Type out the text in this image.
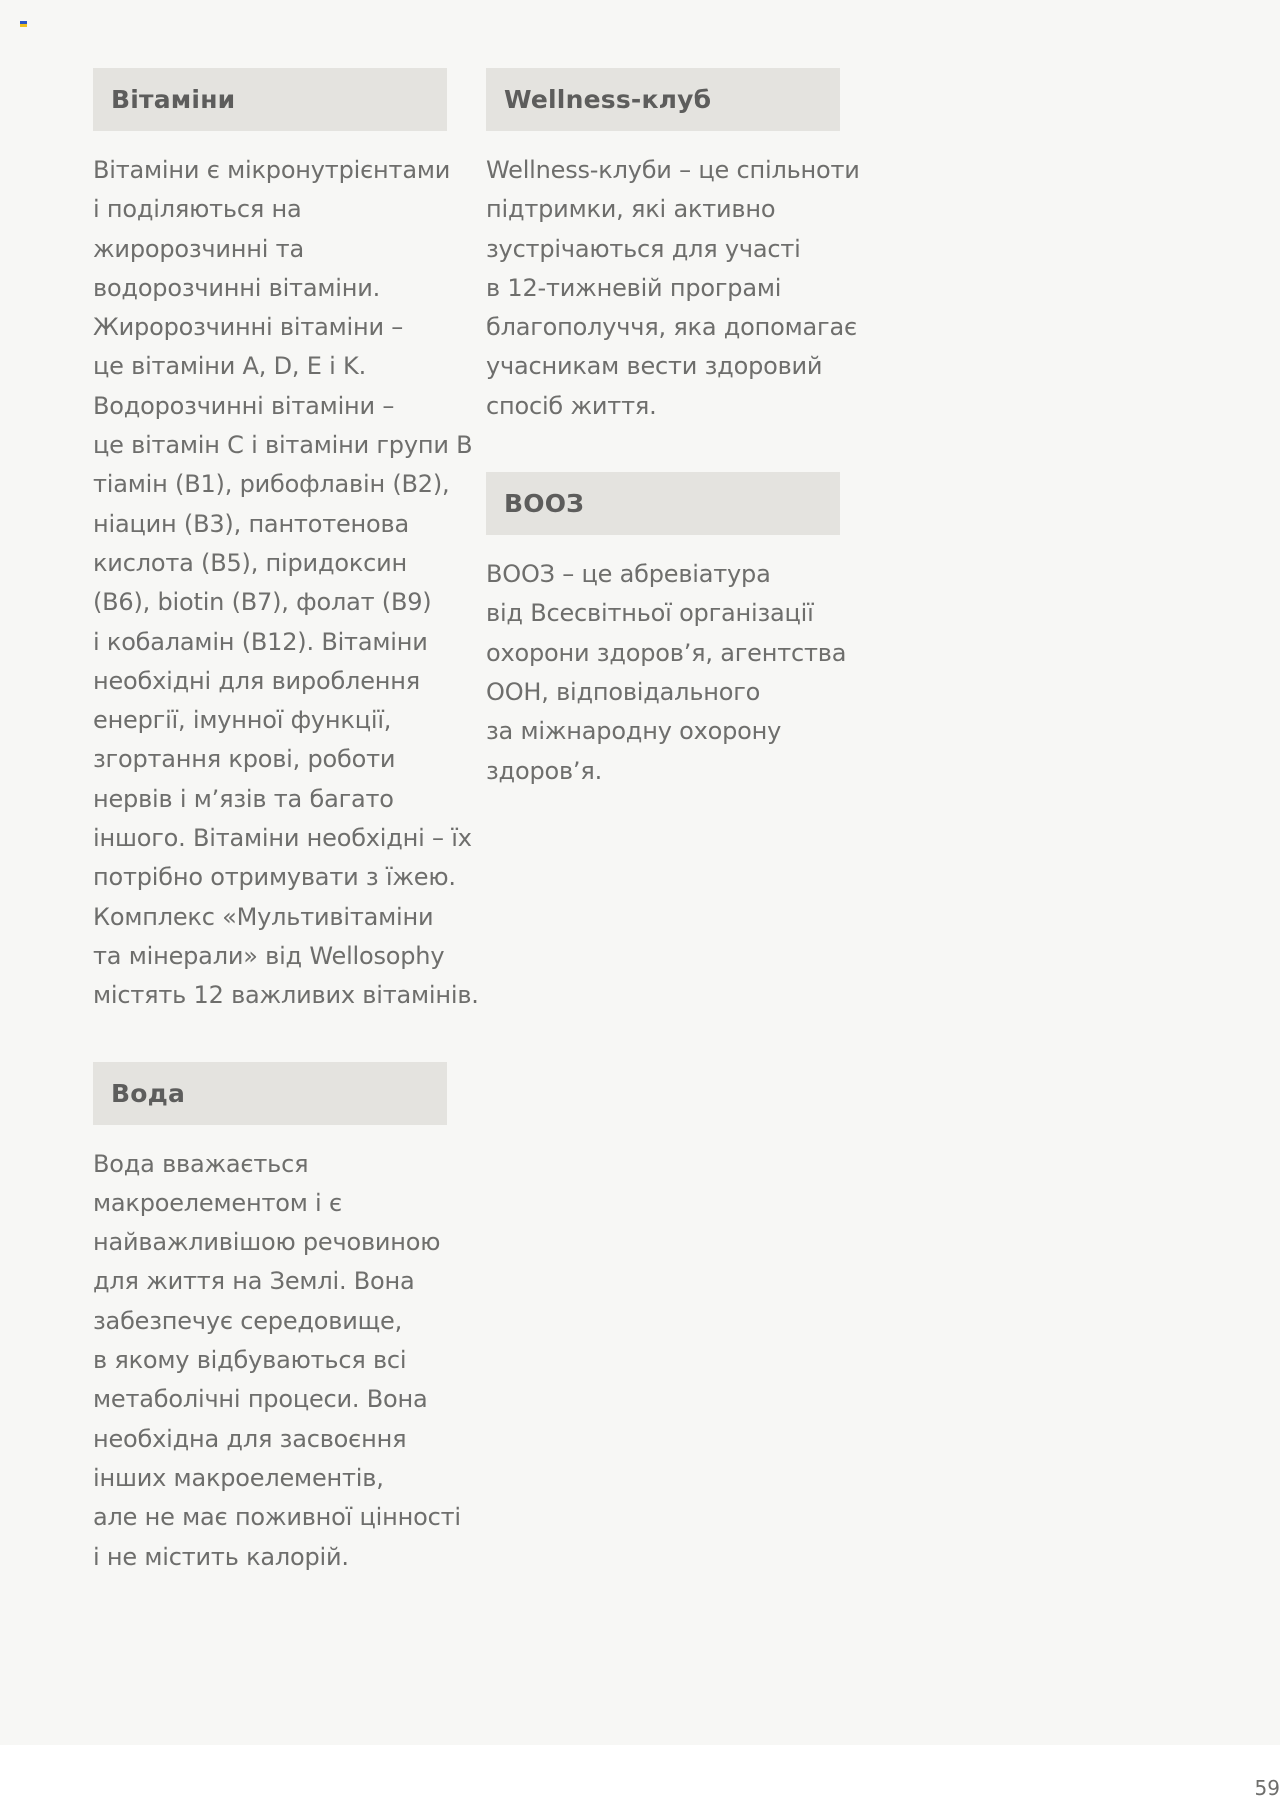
Вітаміни
Вітаміни є мікронутрієнтами
і поділяються на
жиророзчинні та
водорозчинні вітаміни.
Жиророзчинні вітаміни –
це вітаміни A, D, E і K.
Водорозчинні вітаміни –
це вітамін C і вітаміни групи B
тіамін (B1), рибофлавін (B2),
ніацин (B3), пантотенова
кислота (B5), піридоксин
(B6), biotin (B7), фолат (B9)
і кобаламін (B12). Вітаміни
необхідні для вироблення
енергії, імунної функції,
згортання крові, роботи
нервів і м’язів та багато
іншого. Вітаміни необхідні – їх
потрібно отримувати з їжею.
Комплекс «Мультивітаміни
та мінерали» від Wellosophy
містять 12 важливих вітамінів.
Вода
Вода вважається
макроелементом і є
найважливішою речовиною
для життя на Землі. Вона
забезпечує середовище,
в якому відбуваються всі
метаболічні процеси. Вона
необхідна для засвоєння
інших макроелементів,
але не має поживної цінності
і не містить калорій.
Wellness-клуб
Wellness-клуби – це спільноти
підтримки, які активно
зустрічаються для участі
в 12-тижневій програмі
благополуччя, яка допомагає
учасникам вести здоровий
спосіб життя.
ВООЗ
ВООЗ – це абревіатура
від Всесвітньої організації
охорони здоров’я, агентства
ООН, відповідального
за міжнародну охорону
здоров’я.
59
